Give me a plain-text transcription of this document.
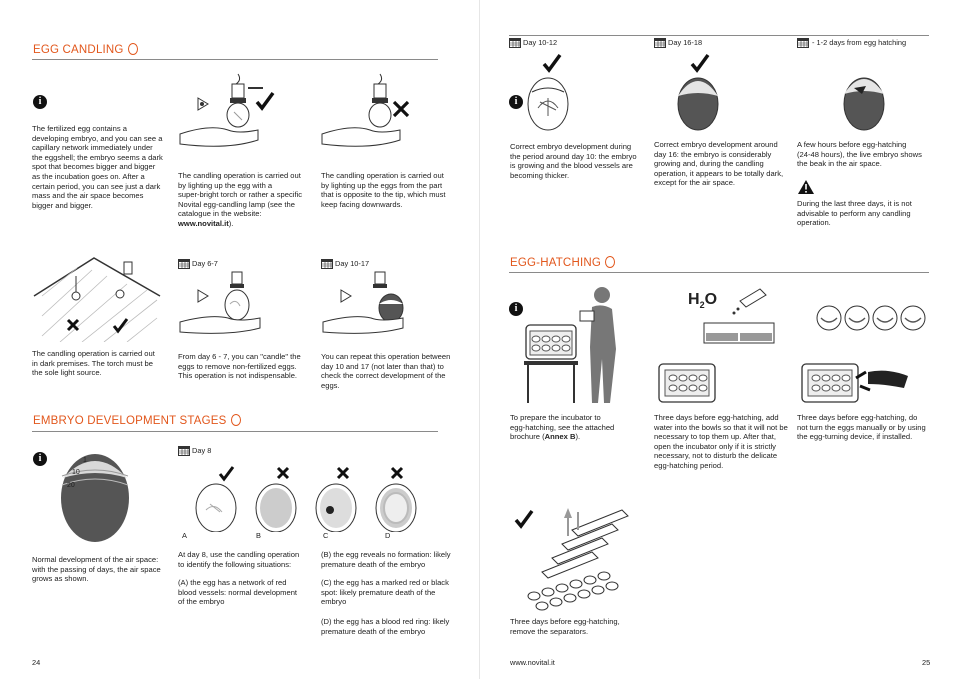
EGG CANDLING
i
The fertilized egg contains a
developing embryo, and you can see a
capillary network immediately under
the eggshell; the embryo seems a dark
spot that becomes bigger and bigger
as the incubation goes on. After a
certain period, you can see just a dark
mass and the air space becomes
bigger and bigger.
The candling operation is carried out
by lighting up the egg with a
super-bright torch or rather a specific
Novital egg-candling lamp (see the
catalogue in the website:
www.novital.it).
The candling operation is carried out
by lighting up the eggs from the part
that is opposite to the tip, which must
keep facing downwards.
Day 6-7	Day 10-17
The candling operation is carried out
in dark premises. The torch must be
the sole light source.
From day 6 - 7, you can "candle" the
eggs to remove non-fertilized eggs.
This operation is not indispensable.
You can repeat this operation between
day 10 and 17 (not later than that) to
check the correct development of the
eggs.
EMBRYO DEVELOPMENT STAGES
i	1
10
20
Day 8
A	B	C	D
Normal development of the air space:
with the passing of days, the air space
grows as shown.
At day 8, use the candling operation
to identify the following situations:
(A) the egg has a network of red
blood vessels: normal development
of the embryo
(B) the egg reveals no formation: likely
premature death of the embryo
(C) the egg has a marked red or black
spot: likely premature death of the
embryo
(D) the egg has a blood red ring: likely
premature death of the embryo
24
Day 10-12	Day 16-18	- 1-2 days from egg hatching
i
Correct embryo development during
the period around day 10: the embryo
is growing and the blood vessels are
becoming thicker.
Correct embryo development around
day 16: the embryo is considerably
growing and, during the candling
operation, it appears to be totally dark,
except for the air space.
A few hours before egg-hatching
(24-48 hours), the live embryo shows
the beak in the air space.
During the last three days, it is not
advisable to perform any candling
operation.
EGG-HATCHING
i
$H_2O$
To prepare the incubator to
egg-hatching, see the attached
brochure (Annex B).
Three days before egg-hatching, add
water into the bowls so that it will not be
necessary to top them up. After that,
open the incubator only if it is strictly
necessary, not to disturb the delicate
egg-hatching period.
Three days before egg-hatching, do
not turn the eggs manually or by using
the egg-turning device, if installed.
Three days before egg-hatching,
remove the separators.
www.novital.it	25
